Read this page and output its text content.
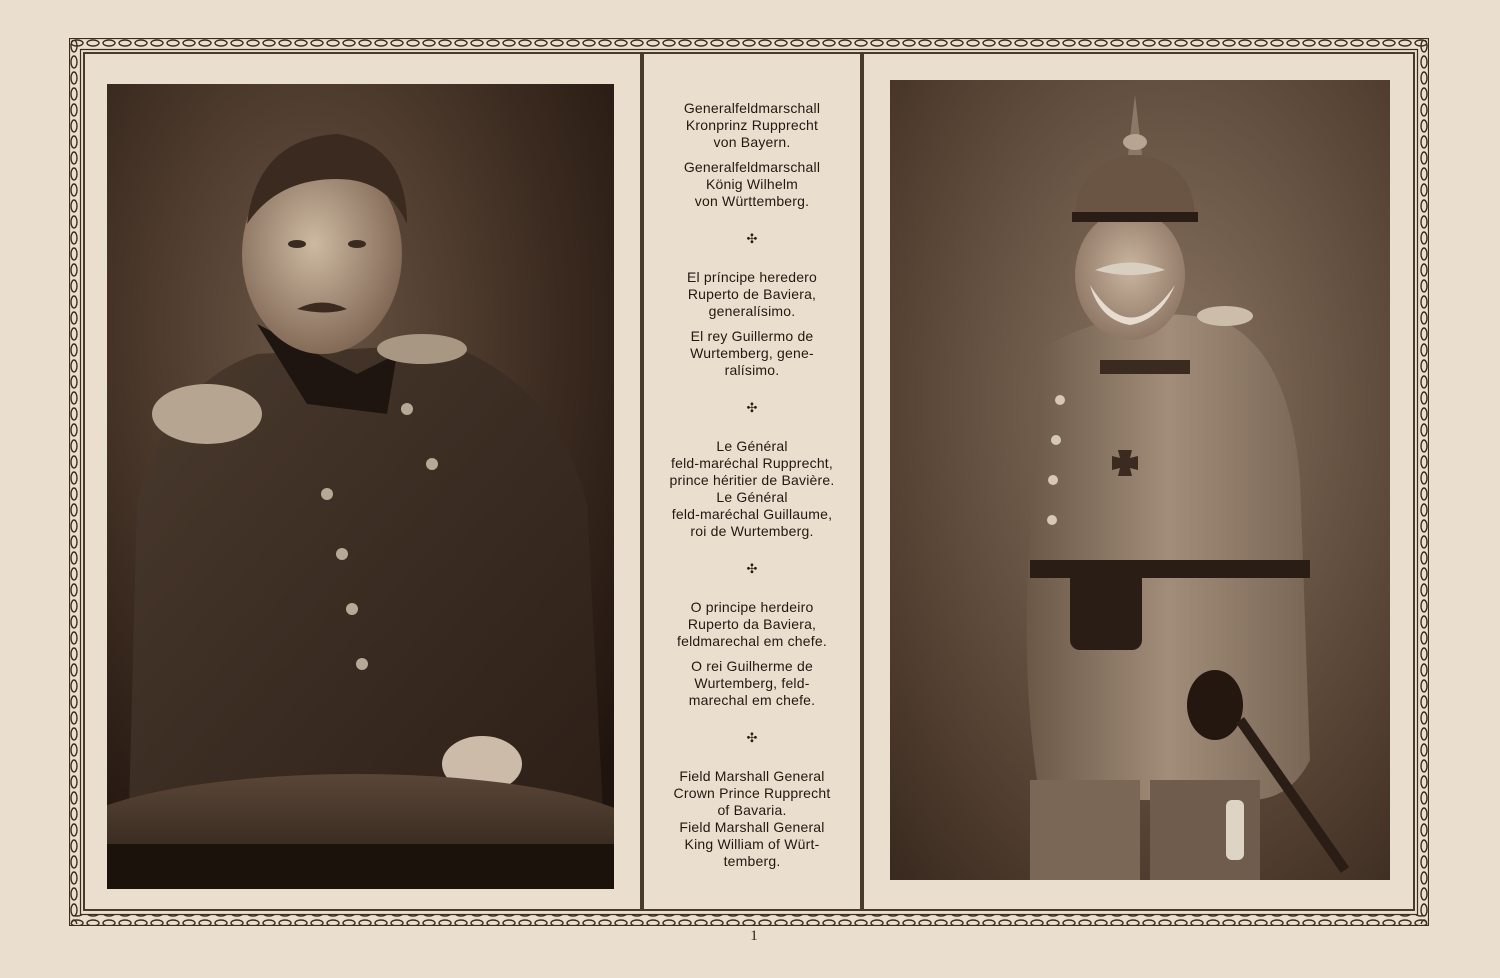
Generalfeldmarschall
Kronprinz Rupprecht
von Bayern.
Generalfeldmarschall
König Wilhelm
von Württemberg.
✣
El príncipe heredero
Ruperto de Baviera,
generalísimo.
El rey Guillermo de
Wurtemberg, gene-
ralísimo.
✣
Le Général
feld-maréchal Rupprecht,
prince héritier de Bavière.
Le Général
feld-maréchal Guillaume,
roi de Wurtemberg.
✣
O principe herdeiro
Ruperto da Baviera,
feldmarechal em chefe.
O rei Guilherme de
Wurtemberg, feld-
marechal em chefe.
✣
Field Marshall General
Crown Prince Rupprecht
of Bavaria.
Field Marshall General
King William of Würt-
temberg.
1
